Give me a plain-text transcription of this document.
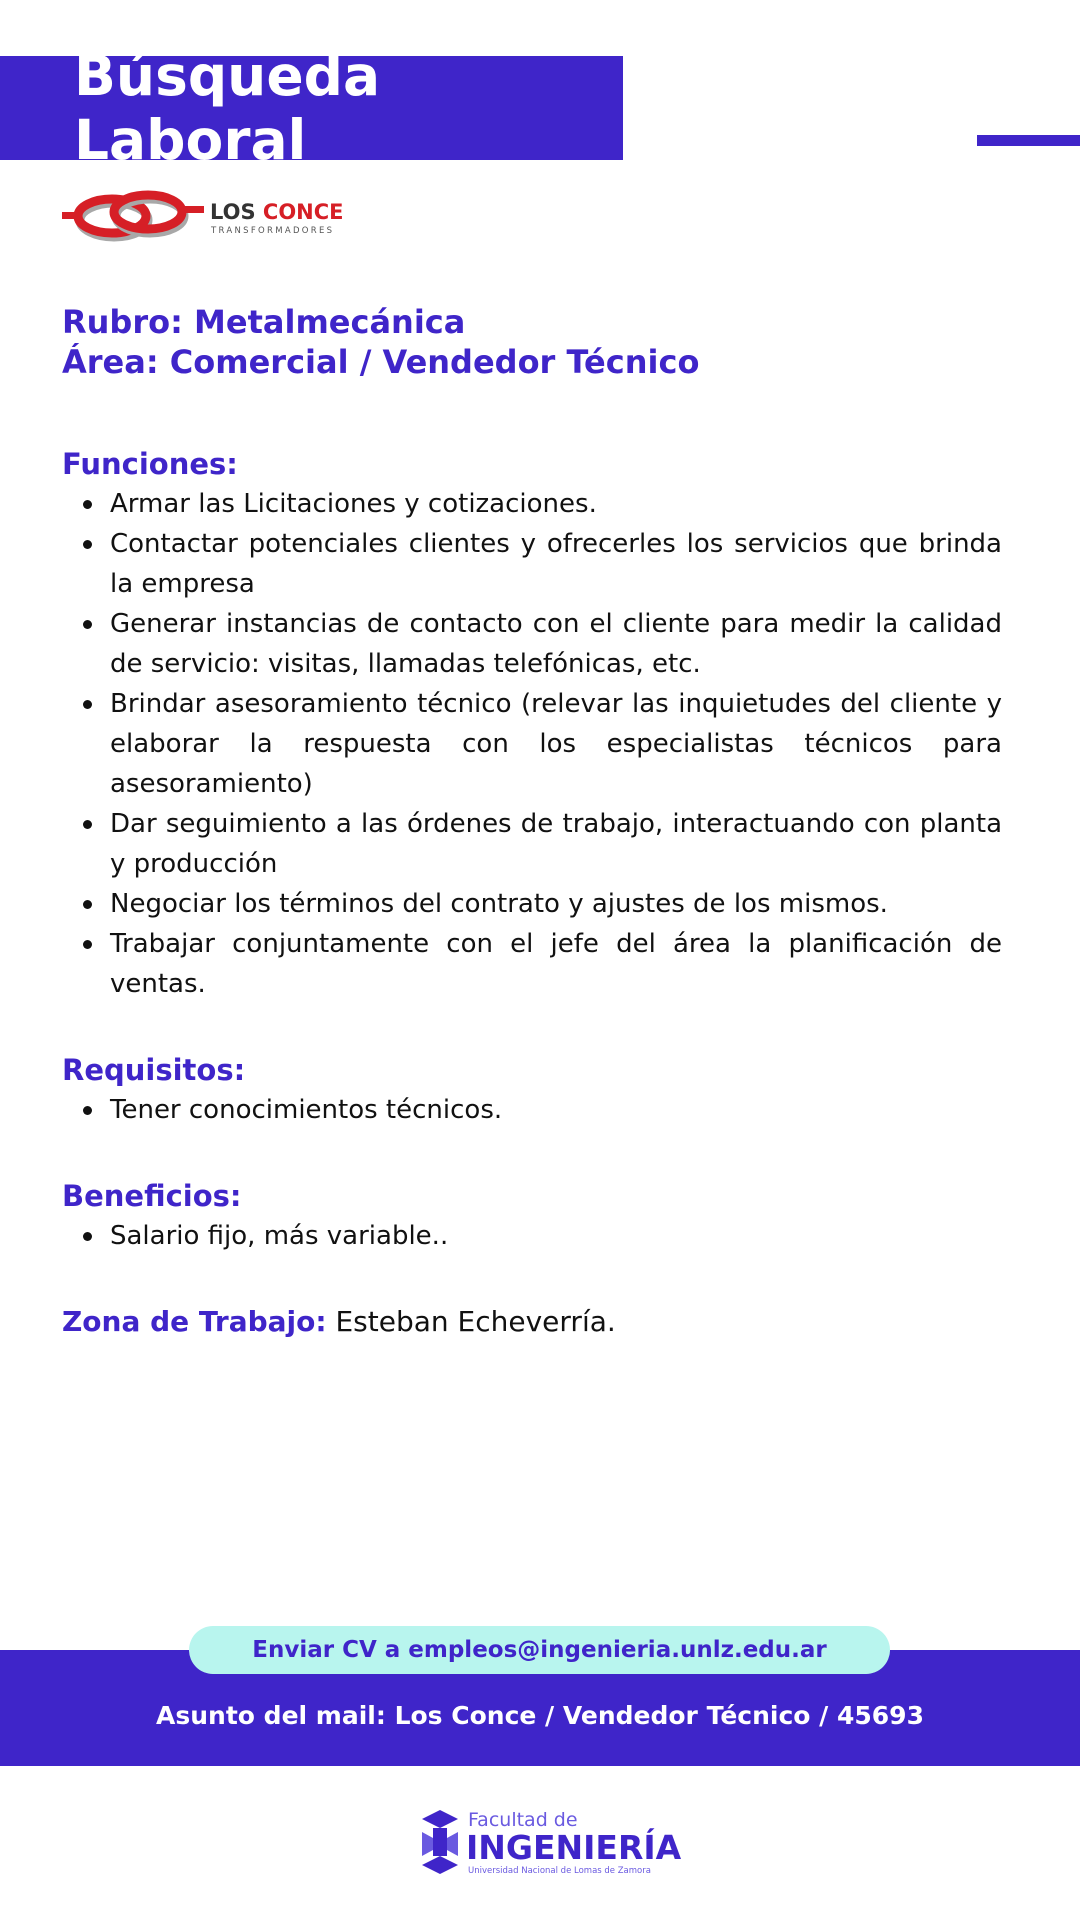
Búsqueda Laboral
LOS CONCE
TRANSFORMADORES
Rubro: Metalmecánica
Área: Comercial / Vendedor Técnico
Funciones:
Armar las Licitaciones y cotizaciones.
Contactar potenciales clientes y ofrecerles los servicios que brinda la empresa
Generar instancias de contacto con el cliente para medir la calidad de servicio: visitas, llamadas telefónicas, etc.
Brindar asesoramiento técnico (relevar las inquietudes del cliente y elaborar la respuesta con los especialistas técnicos para asesoramiento)
Dar seguimiento a las órdenes de trabajo, interactuando con planta y producción
Negociar los términos del contrato y ajustes de los mismos.
Trabajar conjuntamente con el jefe del área la planificación de ventas.
Requisitos:
Tener conocimientos técnicos.
Beneficios:
Salario fijo, más variable..
Zona de Trabajo: Esteban Echeverría.
Enviar CV a empleos@ingenieria.unlz.edu.ar
Asunto del mail: Los Conce / Vendedor Técnico / 45693
Facultad de
INGENIERÍA
Universidad Nacional de Lomas de Zamora
